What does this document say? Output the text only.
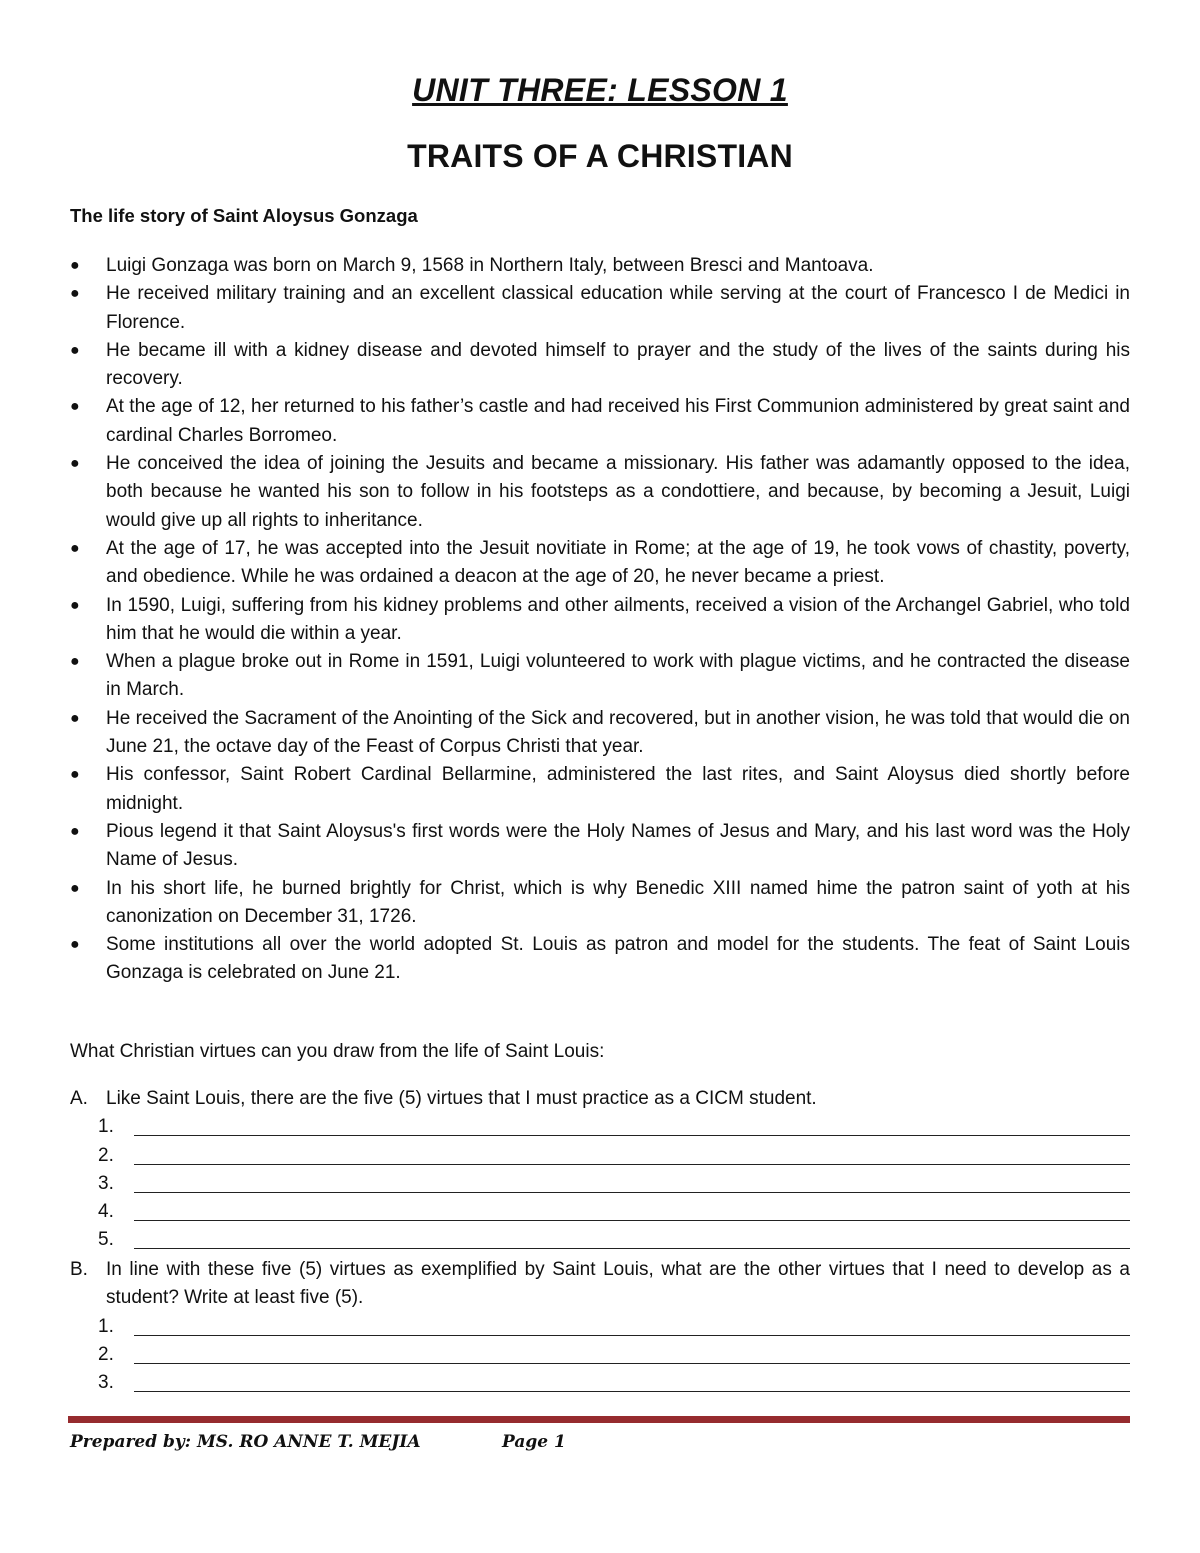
UNIT THREE: LESSON 1
TRAITS OF A CHRISTIAN
The life story of Saint Aloysus Gonzaga
●	Luigi Gonzaga was born on March 9, 1568 in Northern Italy, between Bresci and Mantoava.
●	He received military training and an excellent classical education while serving at the court of Francesco I de Medici in Florence.
●	He became ill with a kidney disease and devoted himself to prayer and the study of the lives of the saints during his recovery.
●	At the age of 12, her returned to his father’s castle and had received his First Communion administered by great saint and cardinal Charles Borromeo.
●	He conceived the idea of joining the Jesuits and became a missionary. His father was adamantly opposed to the idea, both because he wanted his son to follow in his footsteps as a condottiere, and because, by becoming a Jesuit, Luigi would give up all rights to inheritance.
●	At the age of 17, he was accepted into the Jesuit novitiate in Rome; at the age of 19, he took vows of chastity, poverty, and obedience. While he was ordained a deacon at the age of 20, he never became a priest.
●	In 1590, Luigi, suffering from his kidney problems and other ailments, received a vision of the Archangel Gabriel, who told him that he would die within a year.
●	When a plague broke out in Rome in 1591, Luigi volunteered to work with plague victims, and he contracted the disease in March.
●	He received the Sacrament of the Anointing of the Sick and recovered, but in another vision, he was told that would die on June 21, the octave day of the Feast of Corpus Christi that year.
●	His confessor, Saint Robert Cardinal Bellarmine, administered the last rites, and Saint Aloysus died shortly before midnight.
●	Pious legend it that Saint Aloysus's first words were the Holy Names of Jesus and Mary, and his last word was the Holy Name of Jesus.
●	In his short life, he burned brightly for Christ, which is why Benedic XIII named hime the patron saint of yoth at his canonization on December 31, 1726.
●	Some institutions all over the world adopted St. Louis as patron and model for the students. The feat of Saint Louis Gonzaga is celebrated on June 21.
What Christian virtues can you draw from the life of Saint Louis:
A. Like Saint Louis, there are the five (5) virtues that I must practice as a CICM student.
1.
2.
3.
4.
5.
B. In line with these five (5) virtues as exemplified by Saint Louis, what are the other virtues that I need to develop as a student? Write at least five (5).
1.
2.
3.
Prepared by: MS. RO ANNE T. MEJIA	Page 1
